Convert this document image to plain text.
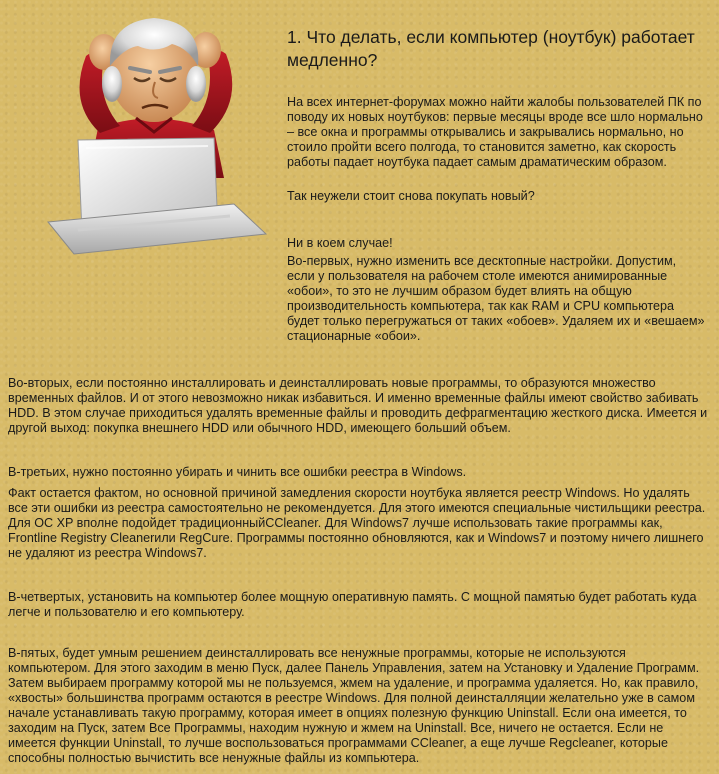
1. Что делать, если компьютер (ноутбук) работает медленно?

На всех интернет-форумах можно найти жалобы пользователей ПК по поводу их новых ноутбуков: первые месяцы вроде все шло нормально – все окна и программы открывались и закрывались нормально, но стоило пройти всего полгода, то становится заметно, как скорость работы падает ноутбука падает самым драматическим образом.

Так неужели стоит снова покупать новый?

Ни в коем случае!

Во-первых, нужно изменить все десктопные настройки. Допустим, если у пользователя на рабочем столе имеются анимированные «обои», то это не лучшим образом будет влиять на общую производительность компьютера, так как RAM и CPU компьютера будет только перегружаться от таких «обоев». Удаляем их и «вешаем» стационарные «обои».

Во-вторых, если постоянно инсталлировать и деинсталлировать новые программы, то образуются множество временных файлов. И от этого невозможно никак избавиться. И именно временные файлы имеют свойство забивать HDD. В этом случае приходиться удалять временные файлы и проводить дефрагментацию жесткого диска. Имеется и другой выход: покупка внешнего HDD или обычного HDD, имеющего больший объем.

В-третьих, нужно постоянно убирать и чинить все ошибки реестра в Windows.

Факт остается фактом, но основной причиной замедления скорости ноутбука является реестр Windows. Но удалять все эти ошибки из реестра самостоятельно не рекомендуется. Для этого имеются специальные чистильщики реестра. Для ОС XP вполне подойдет традиционныйCCleaner. Для Windows7 лучше использовать такие программы как, Frontline Registry Cleanerили RegCure. Программы постоянно обновляются, как и Windows7 и поэтому ничего лишнего не удаляют из реестра Windows7.

В-четвертых, установить на компьютер более мощную оперативную память. С мощной памятью будет работать куда легче и пользователю и его компьютеру.

В-пятых, будет умным решением деинсталлировать все ненужные программы, которые не используются компьютером. Для этого заходим в меню Пуск, далее Панель Управления, затем на Установку и Удаление Программ. Затем выбираем программу которой мы не пользуемся, жмем на удаление, и программа удаляется. Но, как правило, «хвосты» большинства программ остаются в реестре Windows. Для полной деинсталляции желательно уже в самом начале устанавливать такую программу, которая имеет в опциях полезную функцию Uninstall. Если она имеется, то заходим на Пуск, затем Все Программы, находим нужную и жмем на Uninstall. Все, ничего не остается. Если не имеется функции Uninstall, то лучше воспользоваться программами CCleaner, а еще лучше Regcleaner, которые способны полностью вычистить все ненужные файлы из компьютера.
